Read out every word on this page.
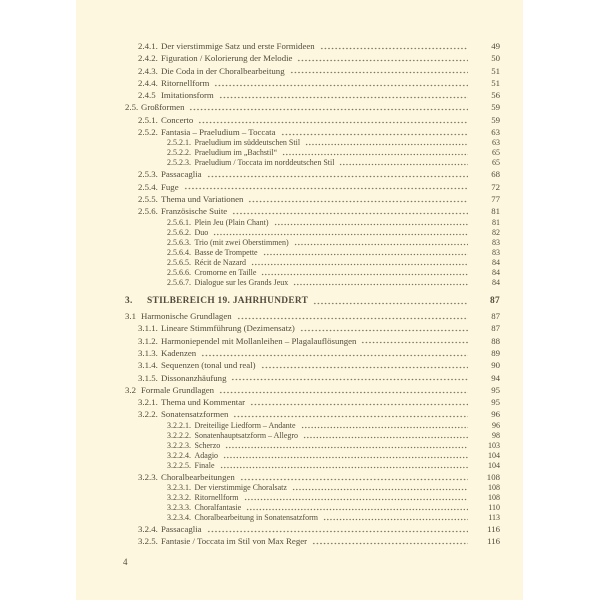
2.4.1. Der vierstimmige Satz und erste Formideen	49
2.4.2. Figuration / Kolorierung der Melodie	50
2.4.3. Die Coda in der Choralbearbeitung	51
2.4.4. Ritornellform	51
2.4.5 Imitationsform	56
2.5. Großformen	59
2.5.1. Concerto	59
2.5.2. Fantasia – Praeludium – Toccata	63
2.5.2.1. Praeludium im süddeutschen Stil	63
2.5.2.2. Praeludium im „Bachstil“	65
2.5.2.3. Praeludium / Toccata im norddeutschen Stil	65
2.5.3. Passacaglia	68
2.5.4. Fuge	72
2.5.5. Thema und Variationen	77
2.5.6. Französische Suite	81
2.5.6.1. Plein Jeu (Plain Chant)	81
2.5.6.2. Duo	82
2.5.6.3. Trio (mit zwei Oberstimmen)	83
2.5.6.4. Basse de Trompette	83
2.5.6.5. Récit de Nazard	84
2.5.6.6. Cromorne en Taille	84
2.5.6.7. Dialogue sur les Grands Jeux	84
3.	STILBEREICH 19. JAHRHUNDERT	87
3.1 Harmonische Grundlagen	87
3.1.1. Lineare Stimmführung (Dezimensatz)	87
3.1.2. Harmoniependel mit Mollanleihen – Plagalauflösungen	88
3.1.3. Kadenzen	89
3.1.4. Sequenzen (tonal und real)	90
3.1.5. Dissonanzhäufung	94
3.2 Formale Grundlagen	95
3.2.1. Thema und Kommentar	95
3.2.2. Sonatensatzformen	96
3.2.2.1. Dreiteilige Liedform – Andante	96
3.2.2.2. Sonatenhauptsatzform – Allegro	98
3.2.2.3. Scherzo	103
3.2.2.4. Adagio	104
3.2.2.5. Finale	104
3.2.3. Choralbearbeitungen	108
3.2.3.1. Der vierstimmige Choralsatz	108
3.2.3.2. Ritornellform	108
3.2.3.3. Choralfantasie	110
3.2.3.4. Choralbearbeitung in Sonatensatzform	113
3.2.4. Passacaglia	116
3.2.5. Fantasie / Toccata im Stil von Max Reger	116
4
